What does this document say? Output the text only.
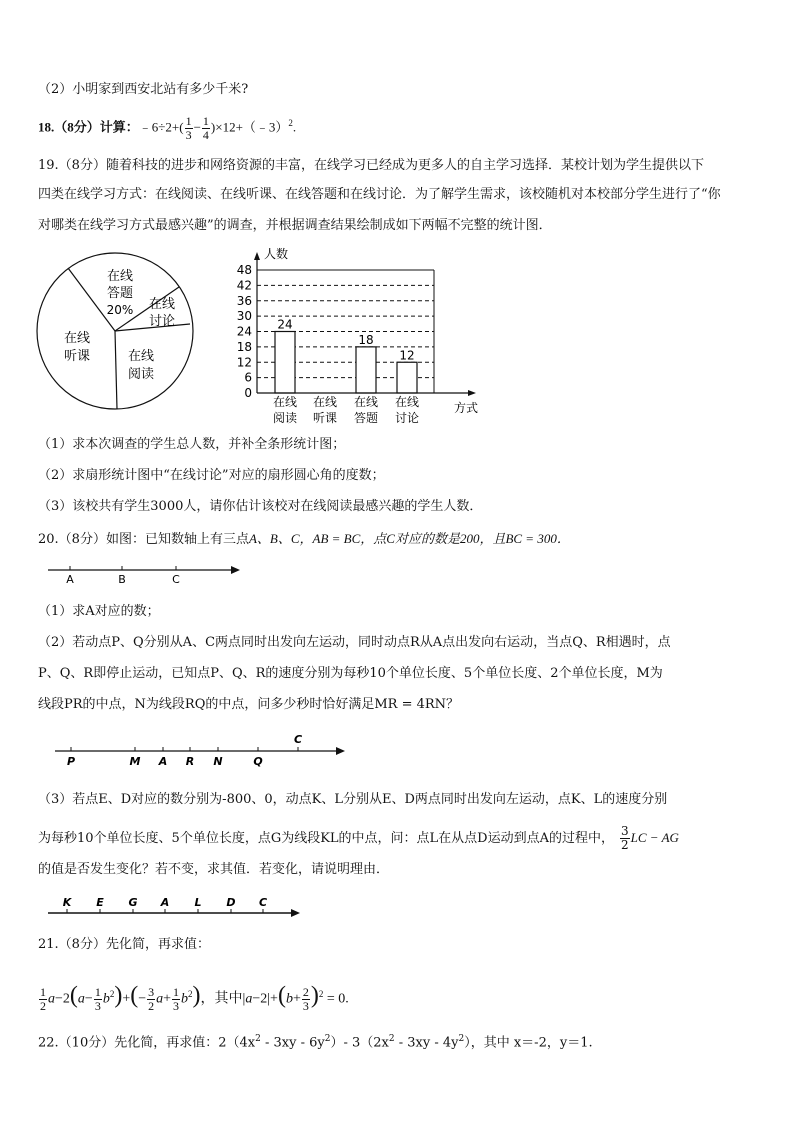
（2）小明家到西安北站有多少千米?
18.（8分）计算：﹣6÷2+( $\frac{1}{3} - \frac{1}{4}$ )×12+（﹣3）$^2$.
19.（8分）随着科技的进步和网络资源的丰富，在线学习已经成为更多人的自主学习选择．某校计划为学生提供以下
四类在线学习方式：在线阅读、在线听课、在线答题和在线讨论．为了解学生需求，该校随机对本校部分学生进行了“你
对哪类在线学习方式最感兴趣”的调查，并根据调查结果绘制成如下两幅不完整的统计图．
在线
答题
20% 在线
讨论
在线
阅读
在线
听课
0
6
12
18
24
30
36
42
48
24
18
12
在线
阅读
在线
听课
在线
答题
在线
讨论
人数
方式
（1）求本次调查的学生总人数，并补全条形统计图；
（2）求扇形统计图中“在线讨论”对应的扇形圆心角的度数；
（3）该校共有学生3000人，请你估计该校对在线阅读最感兴趣的学生人数．
20.（8分）如图：已知数轴上有三点A、B、C，AB = BC，点C对应的数是200，且BC = 300．
A	B	C
（1）求A对应的数；
（2）若动点P、Q分别从A、C两点同时出发向左运动，同时动点R从A点出发向右运动，当点Q、R相遇时，点
P、Q、R即停止运动，已知点P、Q、R的速度分别为每秒10个单位长度、5个单位长度、2个单位长度，M为
线段PR的中点，N为线段RQ的中点，问多少秒时恰好满足MR = 4RN？
P	M A R N	Q
C
（3）若点E、D对应的数分别为-800、0，动点K、L分别从E、D两点同时出发向左运动，点K、L的速度分别
为每秒10个单位长度、5个单位长度，点G为线段KL的中点，问：点L在从点D运动到点A的过程中， $\frac{3}{2}$ LC − AG
的值是否发生变化？若不变，求其值．若变化，请说明理由．
K E G A L D C
21.（8分）先化简，再求值：
$\frac{1}{2} a-2(a- \frac{1}{3} b^2)+(- \frac{3}{2} a+ \frac{1}{3} b^2)$，其中$|a-2|+(b+ \frac{2}{3} )^2 = 0$.
22.（10分）先化简，再求值：$2(4x^2 - 3xy - 6y^2)-$ $3(2x^2 - 3xy - 4y^2)$，其中 x＝-2，y＝1.
